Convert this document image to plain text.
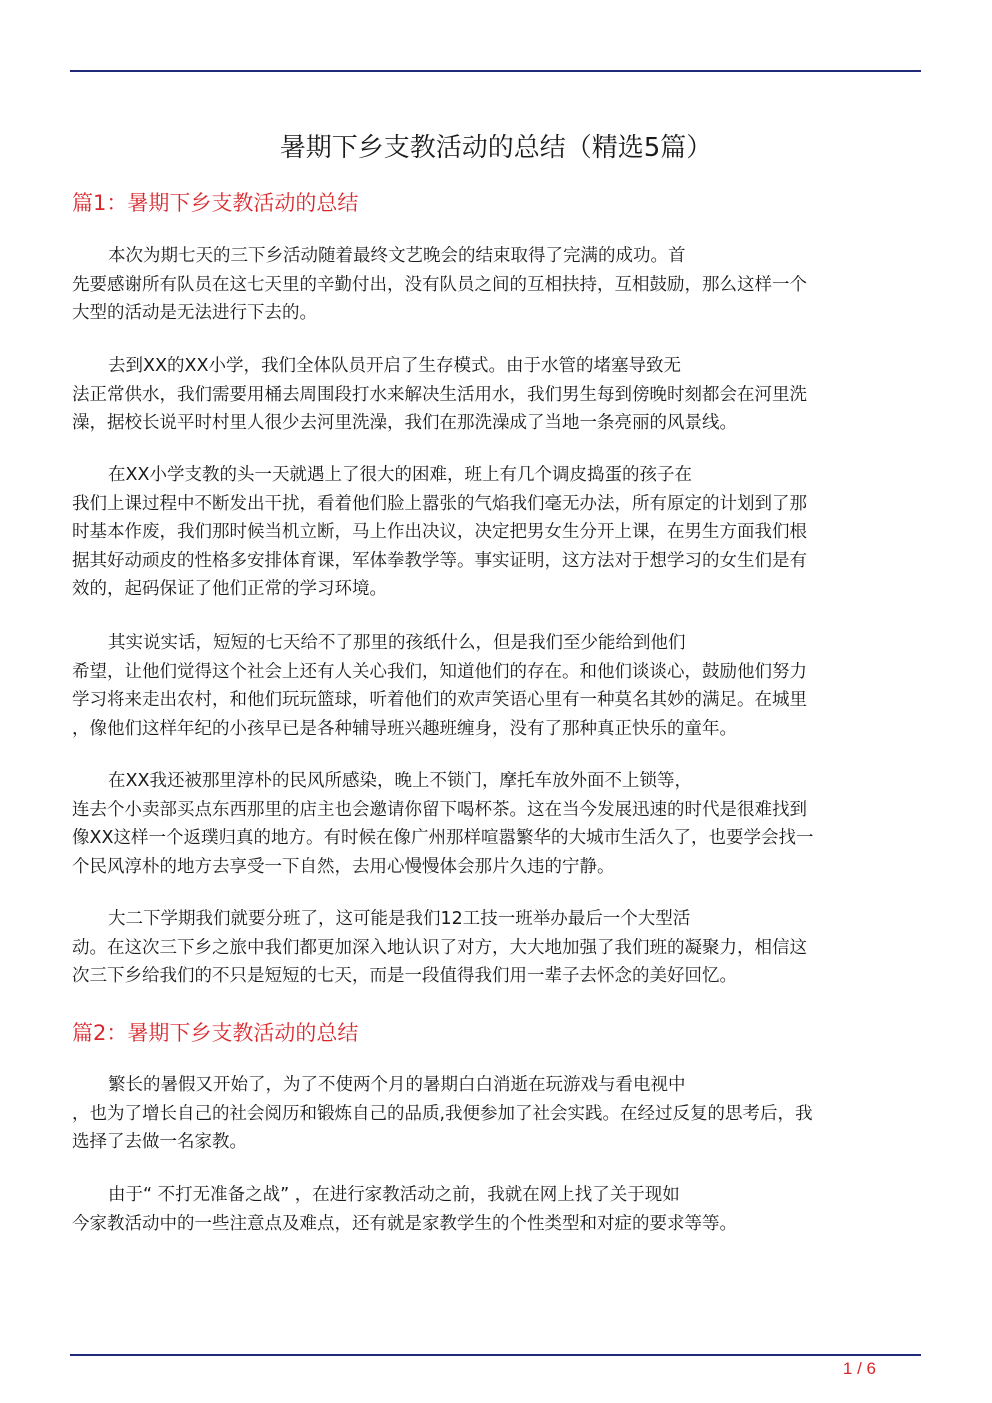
暑期下乡支教活动的总结（精选5篇）
篇1：暑期下乡支教活动的总结
本次为期七天的三下乡活动随着最终文艺晚会的结束取得了完满的成功。首
先要感谢所有队员在这七天里的辛勤付出，没有队员之间的互相扶持，互相鼓励，那么这样一个
大型的活动是无法进行下去的。
去到XX的XX小学，我们全体队员开启了生存模式。由于水管的堵塞导致无
法正常供水，我们需要用桶去周围段打水来解决生活用水，我们男生每到傍晚时刻都会在河里洗
澡，据校长说平时村里人很少去河里洗澡，我们在那洗澡成了当地一条亮丽的风景线。
在XX小学支教的头一天就遇上了很大的困难，班上有几个调皮捣蛋的孩子在
我们上课过程中不断发出干扰，看着他们脸上嚣张的气焰我们毫无办法，所有原定的计划到了那
时基本作废，我们那时候当机立断，马上作出决议，决定把男女生分开上课，在男生方面我们根
据其好动顽皮的性格多安排体育课，军体拳教学等。事实证明，这方法对于想学习的女生们是有
效的，起码保证了他们正常的学习环境。
其实说实话，短短的七天给不了那里的孩纸什么，但是我们至少能给到他们
希望，让他们觉得这个社会上还有人关心我们，知道他们的存在。和他们谈谈心，鼓励他们努力
学习将来走出农村，和他们玩玩篮球，听着他们的欢声笑语心里有一种莫名其妙的满足。在城里
，像他们这样年纪的小孩早已是各种辅导班兴趣班缠身，没有了那种真正快乐的童年。
在XX我还被那里淳朴的民风所感染，晚上不锁门，摩托车放外面不上锁等，
连去个小卖部买点东西那里的店主也会邀请你留下喝杯茶。这在当今发展迅速的时代是很难找到
像XX这样一个返璞归真的地方。有时候在像广州那样喧嚣繁华的大城市生活久了，也要学会找一
个民风淳朴的地方去享受一下自然，去用心慢慢体会那片久违的宁静。
大二下学期我们就要分班了，这可能是我们12工技一班举办最后一个大型活
动。在这次三下乡之旅中我们都更加深入地认识了对方，大大地加强了我们班的凝聚力，相信这
次三下乡给我们的不只是短短的七天，而是一段值得我们用一辈子去怀念的美好回忆。
篇2：暑期下乡支教活动的总结
繁长的暑假又开始了，为了不使两个月的暑期白白消逝在玩游戏与看电视中
，也为了增长自己的社会阅历和锻炼自己的品质,我便参加了社会实践。在经过反复的思考后，我
选择了去做一名家教。
由于“ 不打无准备之战” ，在进行家教活动之前，我就在网上找了关于现如
今家教活动中的一些注意点及难点，还有就是家教学生的个性类型和对症的要求等等。
1 / 6
